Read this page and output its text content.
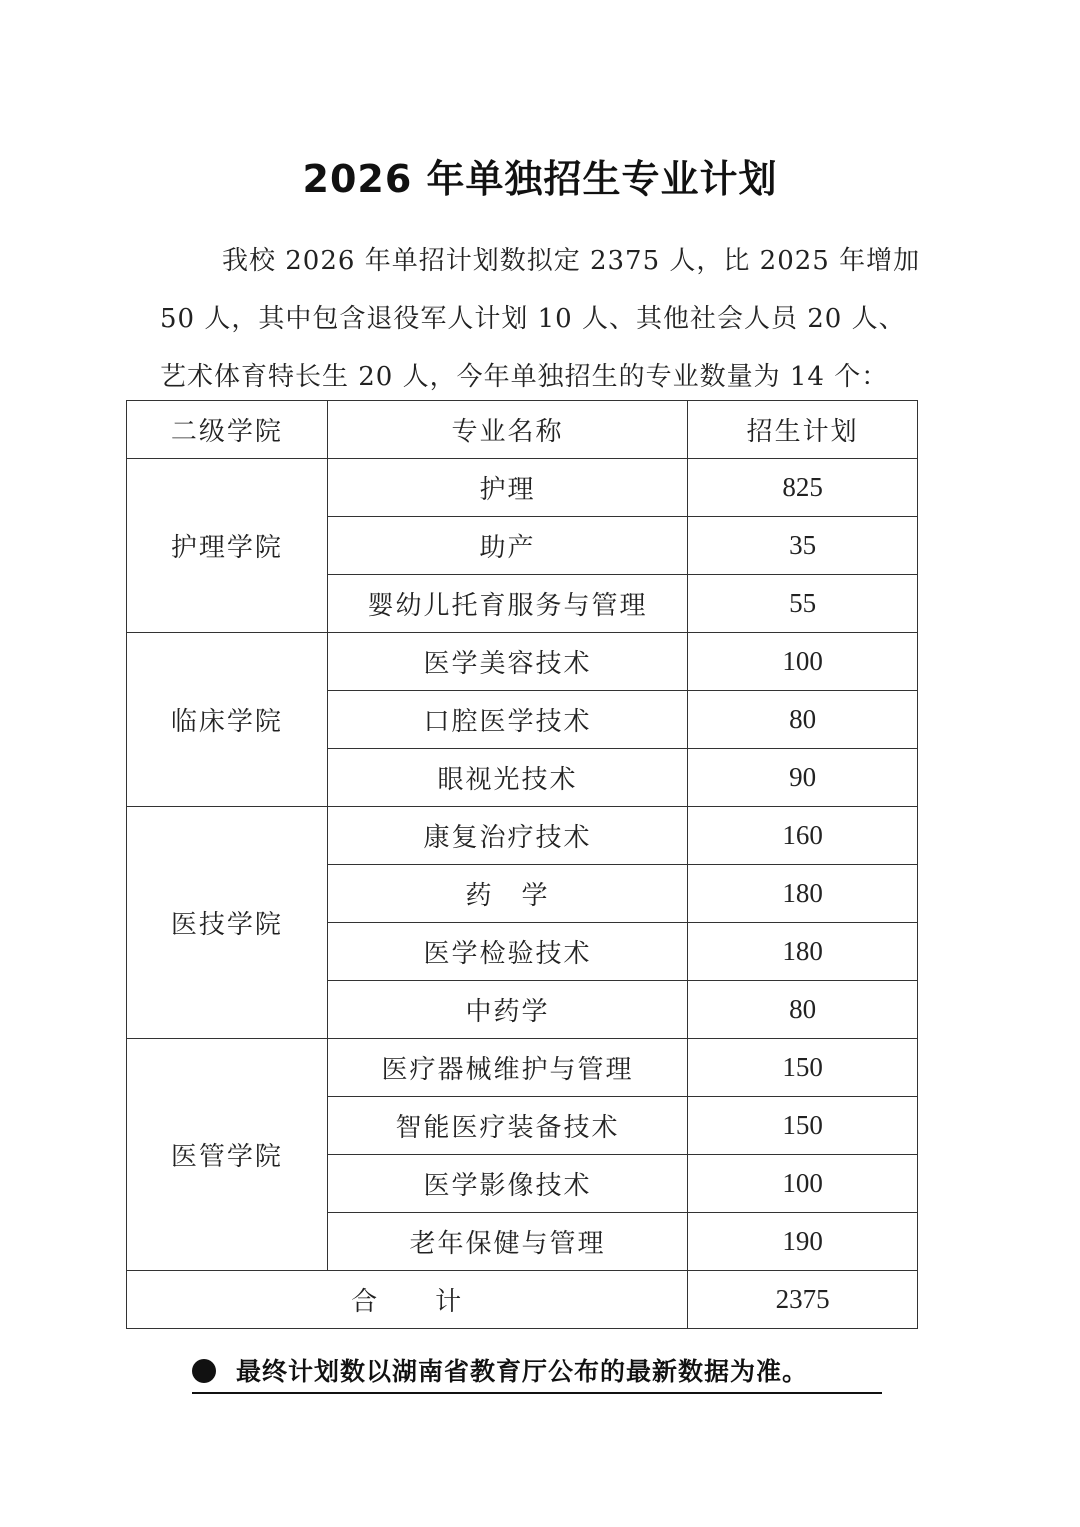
2026 年单独招生专业计划
我校 2026 年单招计划数拟定 2375 人，比 2025 年增加
50 人，其中包含退役军人计划 10 人、其他社会人员 20 人、
艺术体育特长生 20 人，今年单独招生的专业数量为 14 个：
二级学院	专业名称	招生计划
护理学院	护理	825
	助产	35
	婴幼儿托育服务与管理	55
临床学院	医学美容技术	100
	口腔医学技术	80
	眼视光技术	90
医技学院	康复治疗技术	160
	药　学	180
	医学检验技术	180
	中药学	80
医管学院	医疗器械维护与管理	150
	智能医疗装备技术	150
	医学影像技术	100
	老年保健与管理	190
合　　计		2375
最终计划数以湖南省教育厅公布的最新数据为准。
